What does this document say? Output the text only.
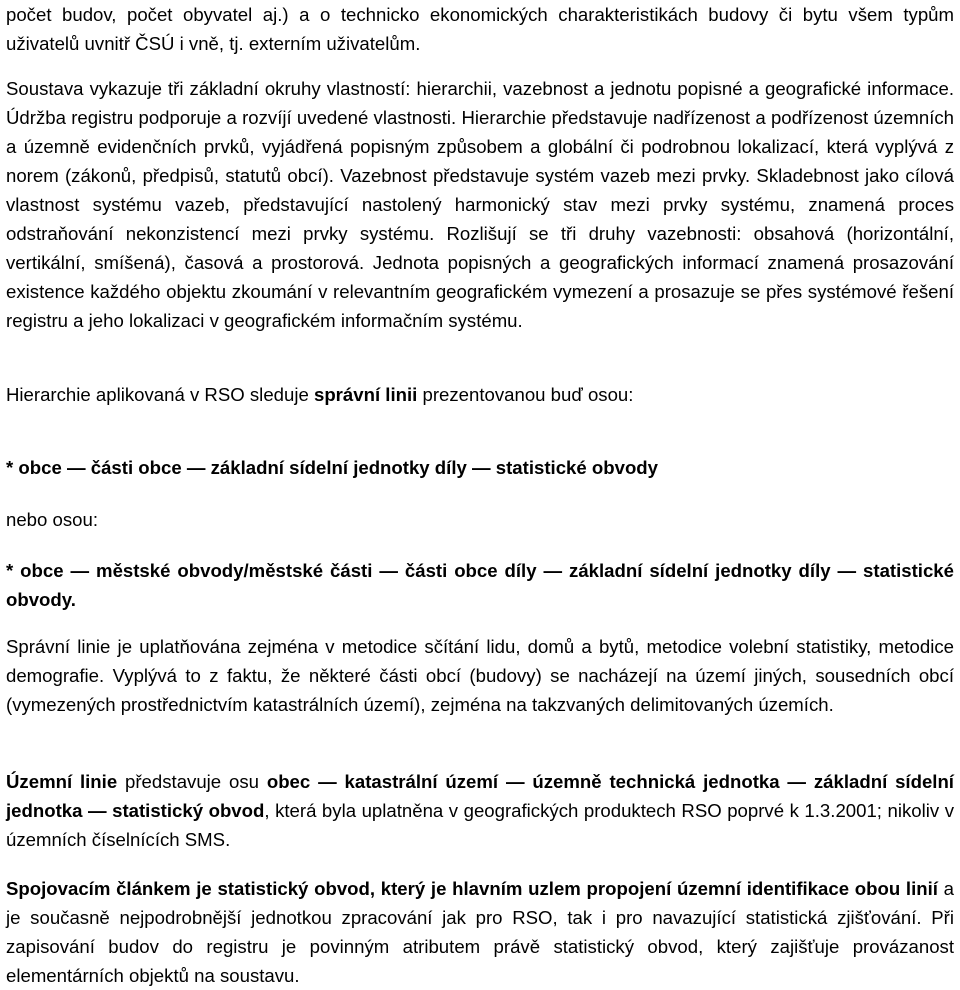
počet budov, počet obyvatel aj.) a o technicko ekonomických charakteristikách budovy či bytu všem typům uživatelů uvnitř ČSÚ i vně, tj. externím uživatelům.

Soustava vykazuje tři základní okruhy vlastností: hierarchii, vazebnost a jednotu popisné a geografické informace. Údržba registru podporuje a rozvíjí uvedené vlastnosti. Hierarchie představuje nadřízenost a podřízenost územních a územně evidenčních prvků, vyjádřená popisným způsobem a globální či podrobnou lokalizací, která vyplývá z norem (zákonů, předpisů, statutů obcí). Vazebnost představuje systém vazeb mezi prvky. Skladebnost jako cílová vlastnost systému vazeb, představující nastolený harmonický stav mezi prvky systému, znamená proces odstraňování nekonzistencí mezi prvky systému. Rozlišují se tři druhy vazebnosti: obsahová (horizontální, vertikální, smíšená), časová a prostorová. Jednota popisných a geografických informací znamená prosazování existence každého objektu zkoumání v relevantním geografickém vymezení a prosazuje se přes systémové řešení registru a jeho lokalizaci v geografickém informačním systému.

Hierarchie aplikovaná v RSO sleduje správní linii prezentovanou buď osou:

* obce — části obce — základní sídelní jednotky díly — statistické obvody

nebo osou:

* obce — městské obvody/městské části — části obce díly — základní sídelní jednotky díly — statistické obvody.

Správní linie je uplatňována zejména v metodice sčítání lidu, domů a bytů, metodice volební statistiky, metodice demografie. Vyplývá to z faktu, že některé části obcí (budovy) se nacházejí na území jiných, sousedních obcí (vymezených prostřednictvím katastrálních území), zejména na takzvaných delimitovaných územích.

Územní linie představuje osu obec — katastrální území — územně technická jednotka — základní sídelní jednotka — statistický obvod, která byla uplatněna v geografických produktech RSO poprvé k 1.3.2001; nikoliv v územních číselnících SMS.

Spojovacím článkem je statistický obvod, který je hlavním uzlem propojení územní identifikace obou linií a je současně nejpodrobnější jednotkou zpracování jak pro RSO, tak i pro navazující statistická zjišťování. Při zapisování budov do registru je povinným atributem právě statistický obvod, který zajišťuje provázanost elementárních objektů na soustavu.
